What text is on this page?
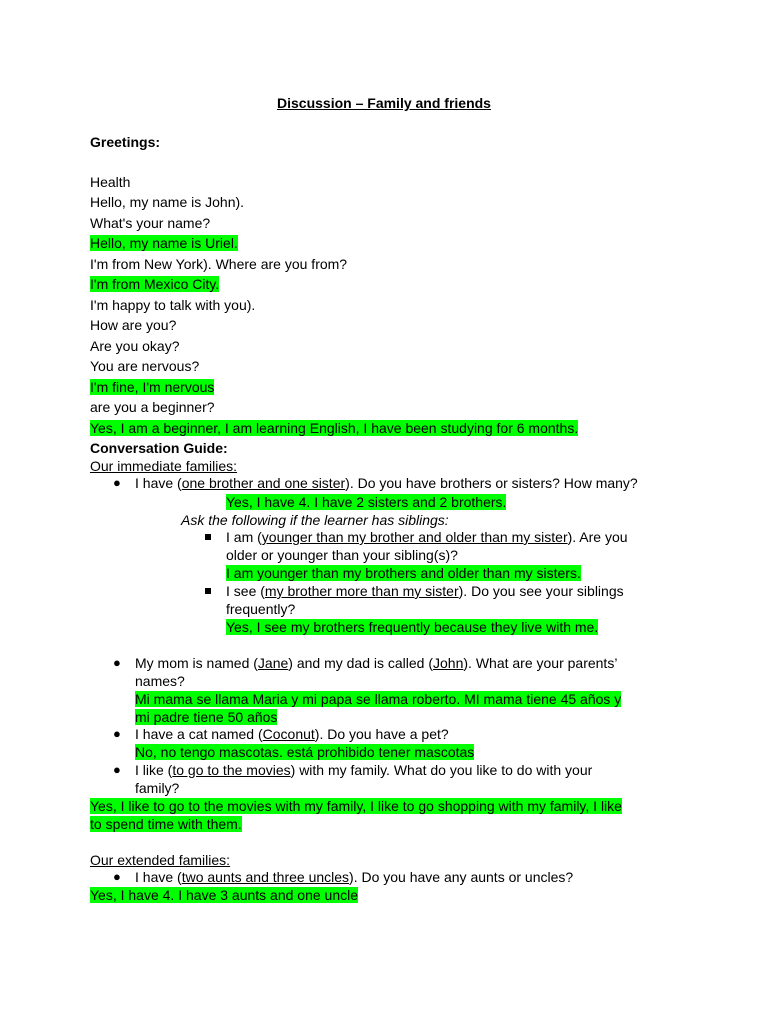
Discussion – Family and friends
Greetings:
Health
Hello, my name is John).
What's your name?
Hello, my name is Uriel.
I'm from New York). Where are you from?
I'm from Mexico City.
I'm happy to talk with you).
How are you?
Are you okay?
You are nervous?
I'm fine, I'm nervous
are you a beginner?
Yes, I am a beginner, I am learning English, I have been studying for 6 months.
Conversation Guide:
Our immediate families:
● I have (one brother and one sister). Do you have brothers or sisters? How many?
Yes, I have 4. I have 2 sisters and 2 brothers.
Ask the following if the learner has siblings:
I am (younger than my brother and older than my sister). Are you
older or younger than your sibling(s)?
I am younger than my brothers and older than my sisters.
I see (my brother more than my sister). Do you see your siblings
frequently?
Yes, I see my brothers frequently because they live with me.
● My mom is named (Jane) and my dad is called (John). What are your parents’
names?
Mi mama se llama Maria y mi papa se llama roberto. MI mama tiene 45 años y
mi padre tiene 50 años
● I have a cat named (Coconut). Do you have a pet?
No, no tengo mascotas. está prohibido tener mascotas
● I like (to go to the movies) with my family. What do you like to do with your
family?
Yes, I like to go to the movies with my family, I like to go shopping with my family, I like
to spend time with them.
Our extended families:
● I have (two aunts and three uncles). Do you have any aunts or uncles?
Yes, I have 4. I have 3 aunts and one uncle
